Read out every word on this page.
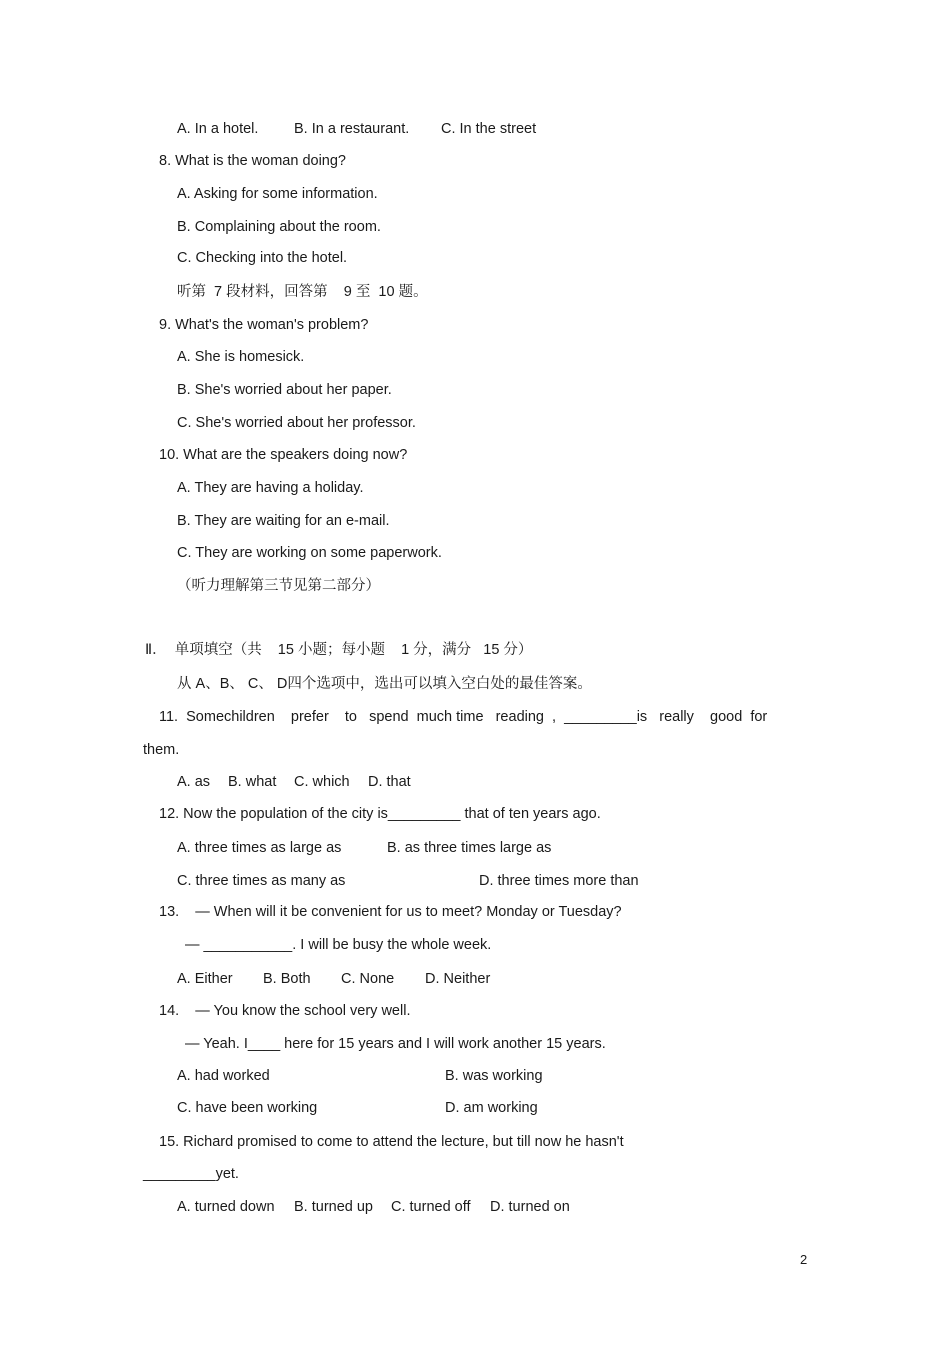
A. In a hotel. B. In a restaurant. C. In the street
8. What is the woman doing?
A. Asking for some information.
B. Complaining about the room.
C. Checking into the hotel.
听第  7 段材料，回答第    9 至  10 题。
9. What's the woman's problem?
A. She is homesick.
B. She's worried about her paper.
C. She's worried about her professor.
10. What are the speakers doing now?
A. They are having a holiday.
B. They are waiting for an e-mail.
C. They are working on some paperwork.
（听力理解第三节见第二部分）
Ⅱ．  单项填空（共    15 小题；每小题    1 分，满分   15 分）
从 A、B、 C、 D四个选项中，选出可以填入空白处的最佳答案。
11.  Somechildren    prefer    to   spend  much time   reading  ,  _________is   really    good  for
them.
A. as B. what C. which D. that
12. Now the population of the city is_________ that of ten years ago.
A. three times as large as	B. as three times large as
C. three times as many as	D. three times more than
13.    — When will it be convenient for us to meet? Monday or Tuesday?
— ___________. I will be busy the whole week.
A. Either B. Both C. None D. Neither
14.    — You know the school very well.
— Yeah. I____ here for 15 years and I will work another 15 years.
A. had worked	B. was working
C. have been working	D. am working
15. Richard promised to come to attend the lecture, but till now he hasn't
_________yet.
A. turned down B. turned up C. turned off D. turned on
2
